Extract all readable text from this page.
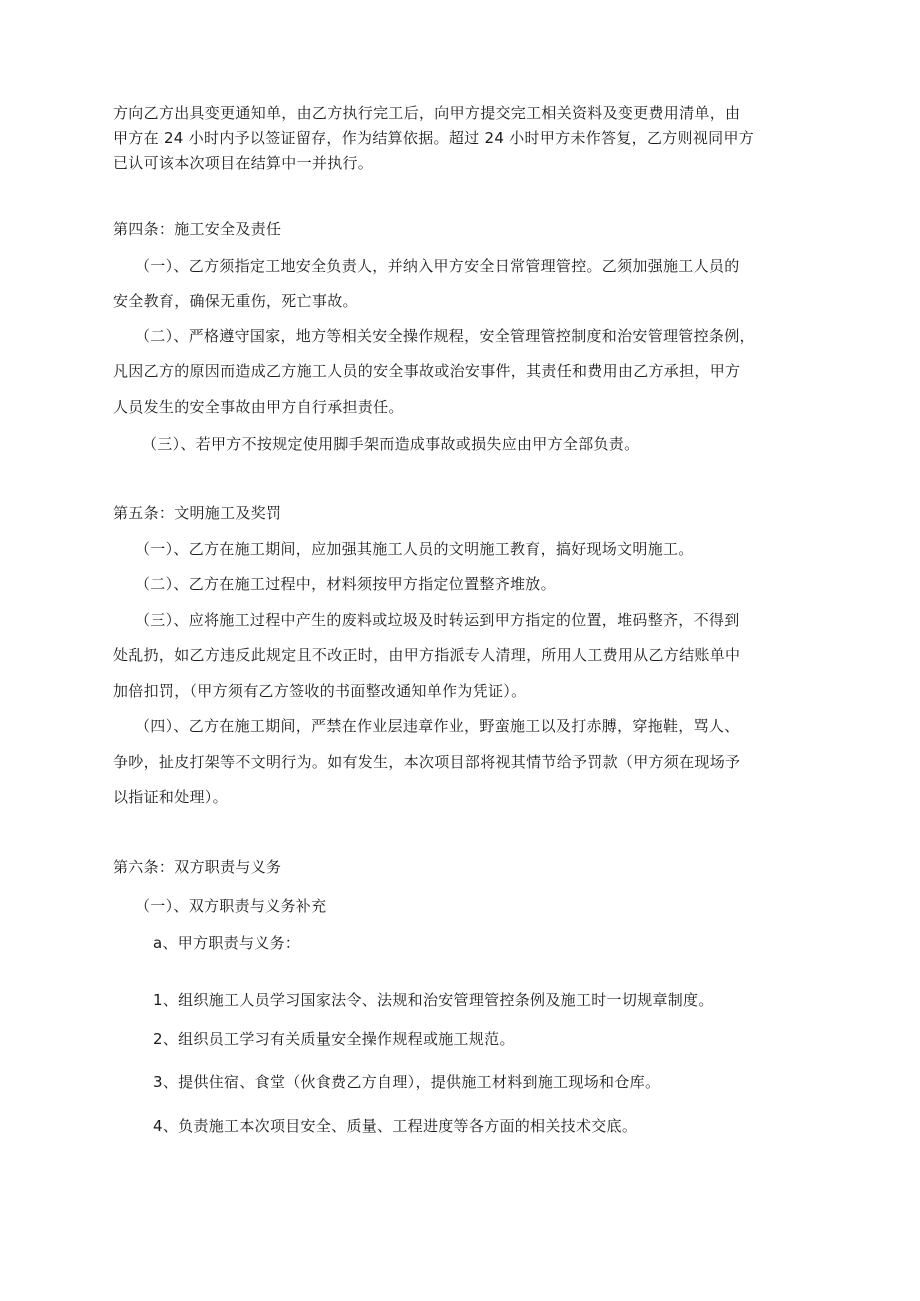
方向乙方出具变更通知单，由乙方执行完工后，向甲方提交完工相关资料及变更费用清单，由
甲方在 24 小时内予以签证留存，作为结算依据。超过 24 小时甲方未作答复，乙方则视同甲方
已认可该本次项目在结算中一并执行。
第四条：施工安全及责任
（一）、乙方须指定工地安全负责人，并纳入甲方安全日常管理管控。乙须加强施工人员的
安全教育，确保无重伤，死亡事故。
（二）、严格遵守国家，地方等相关安全操作规程，安全管理管控制度和治安管理管控条例，
凡因乙方的原因而造成乙方施工人员的安全事故或治安事件，其责任和费用由乙方承担，甲方
人员发生的安全事故由甲方自行承担责任。
（三）、若甲方不按规定使用脚手架而造成事故或损失应由甲方全部负责。
第五条：文明施工及奖罚
（一）、乙方在施工期间，应加强其施工人员的文明施工教育，搞好现场文明施工。
（二）、乙方在施工过程中，材料须按甲方指定位置整齐堆放。
（三）、应将施工过程中产生的废料或垃圾及时转运到甲方指定的位置，堆码整齐，不得到
处乱扔，如乙方违反此规定且不改正时，由甲方指派专人清理，所用人工费用从乙方结账单中
加倍扣罚，（甲方须有乙方签收的书面整改通知单作为凭证）。
（四）、乙方在施工期间，严禁在作业层违章作业，野蛮施工以及打赤膊，穿拖鞋，骂人、
争吵，扯皮打架等不文明行为。如有发生，本次项目部将视其情节给予罚款（甲方须在现场予
以指证和处理）。
第六条：双方职责与义务
（一）、双方职责与义务补充
a、甲方职责与义务：
1、组织施工人员学习国家法令、法规和治安管理管控条例及施工时一切规章制度。
2、组织员工学习有关质量安全操作规程或施工规范。
3、提供住宿、食堂（伙食费乙方自理），提供施工材料到施工现场和仓库。
4、负责施工本次项目安全、质量、工程进度等各方面的相关技术交底。
